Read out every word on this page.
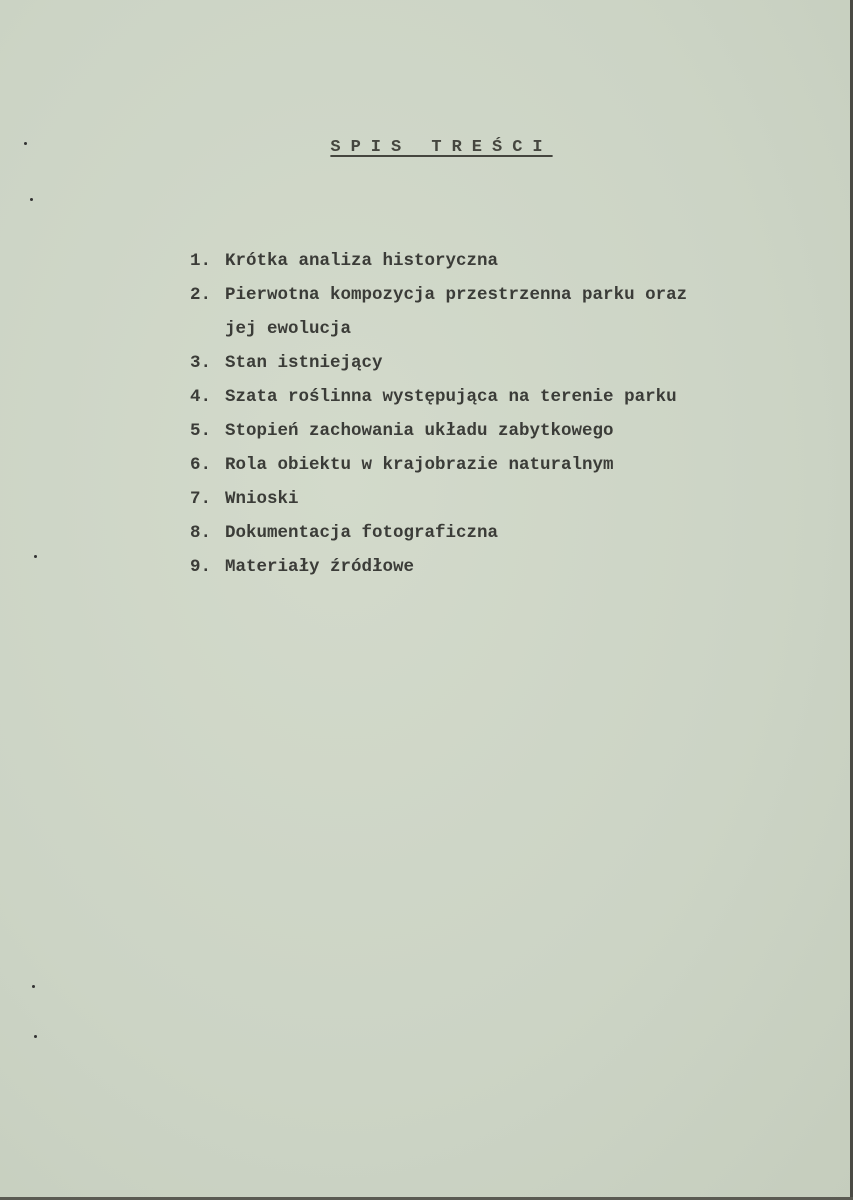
SPIS TREŚCI
1. Krótka analiza historyczna
2. Pierwotna kompozycja przestrzenna parku oraz
jej ewolucja
3. Stan istniejący
4. Szata roślinna występująca na terenie parku
5. Stopień zachowania układu zabytkowego
6. Rola obiektu w krajobrazie naturalnym
7. Wnioski
8. Dokumentacja fotograficzna
9. Materiały źródłowe
